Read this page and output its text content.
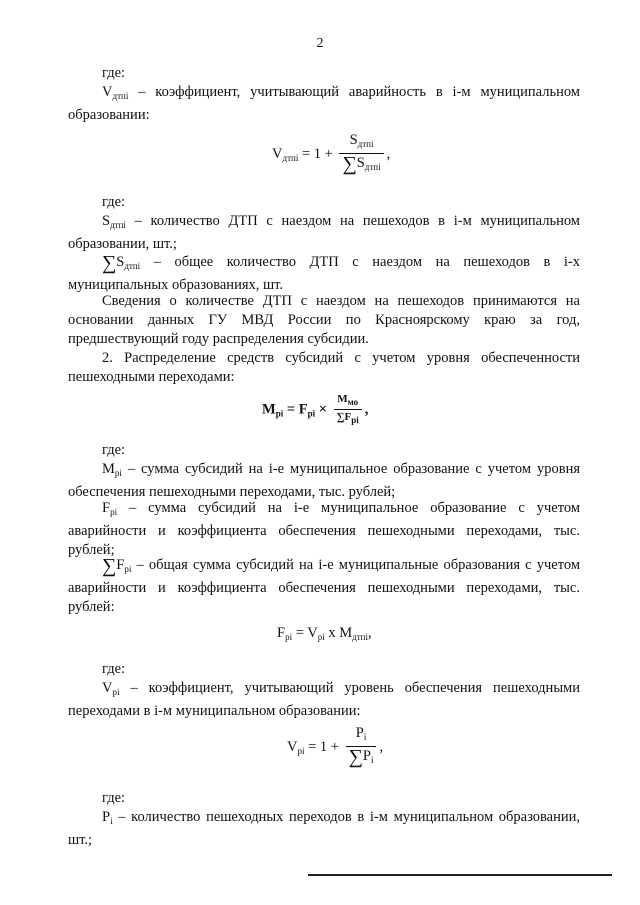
2
где:
$V_{дтпi}$ – коэффициент, учитывающий аварийность в i-м муниципальном образовании:
$V_{дтпi} = 1 + \frac{S_{дтпi}}{\sum S_{дтпi}}$ ,
где:
$S_{дтпi}$ – количество ДТП с наездом на пешеходов в i-м муниципальном образовании, шт.;
$\sum S_{дтпi}$ – общее количество ДТП с наездом на пешеходов в i-х муниципальных образованиях, шт.
Сведения о количестве ДТП с наездом на пешеходов принимаются на основании данных ГУ МВД России по Красноярскому краю за год, предшествующий году распределения субсидии.
2. Распределение средств субсидий с учетом уровня обеспеченности пешеходными переходами:
$M_{pi} = F_{pi} \times \frac{M_{мо}}{\sum F_{pi}}$ ,
где:
$M_{pi}$ – сумма субсидий на i-е муниципальное образование с учетом уровня обеспечения пешеходными переходами, тыс. рублей;
$F_{pi}$ – сумма субсидий на i-е муниципальное образование с учетом аварийности и коэффициента обеспечения пешеходными переходами, тыс. рублей;
$\sum F_{pi}$ – общая сумма субсидий на i-е муниципальные образования с учетом аварийности и коэффициента обеспечения пешеходными переходами, тыс. рублей:
$F_{pi} = V_{pi}$ x $M_{дтпi}$,
где:
$V_{pi}$ – коэффициент, учитывающий уровень обеспечения пешеходными переходами в i-м муниципальном образовании:
$V_{pi} = 1 + \frac{P_i}{\sum P_i}$ ,
где:
$P_i$ – количество пешеходных переходов в i-м муниципальном образовании, шт.;
